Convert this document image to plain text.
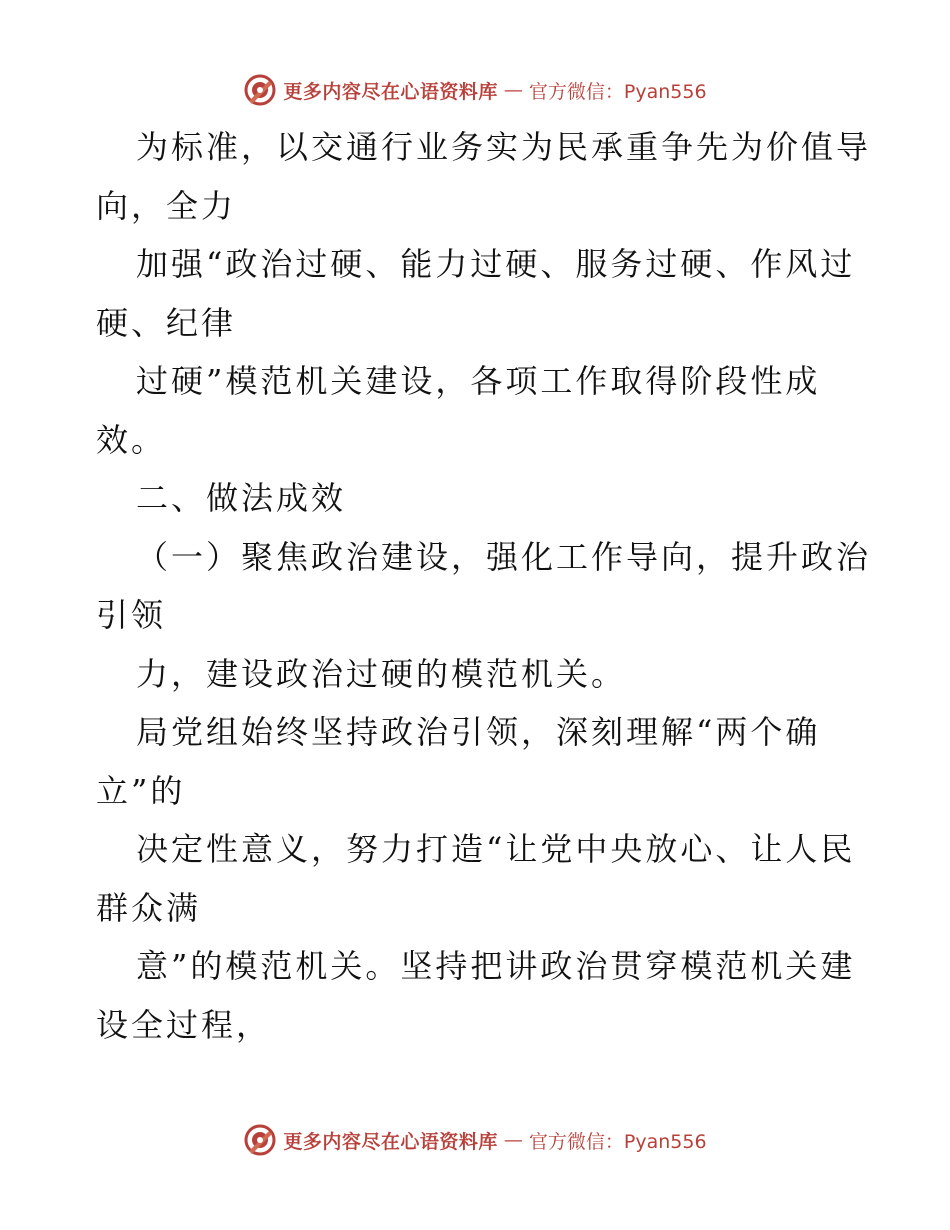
更多内容尽在心语资料库 — 官方微信：Pyan556

为标准，以交通行业务实为民承重争先为价值导

向，全力

加强“政治过硬、能力过硬、服务过硬、作风过

硬、纪律

过硬”模范机关建设，各项工作取得阶段性成

效。

二、做法成效

（一）聚焦政治建设，强化工作导向，提升政治

引领

力，建设政治过硬的模范机关。

局党组始终坚持政治引领，深刻理解“两个确

立”的

决定性意义，努力打造“让党中央放心、让人民

群众满

意”的模范机关。坚持把讲政治贯穿模范机关建

设全过程，

更多内容尽在心语资料库 — 官方微信：Pyan556
